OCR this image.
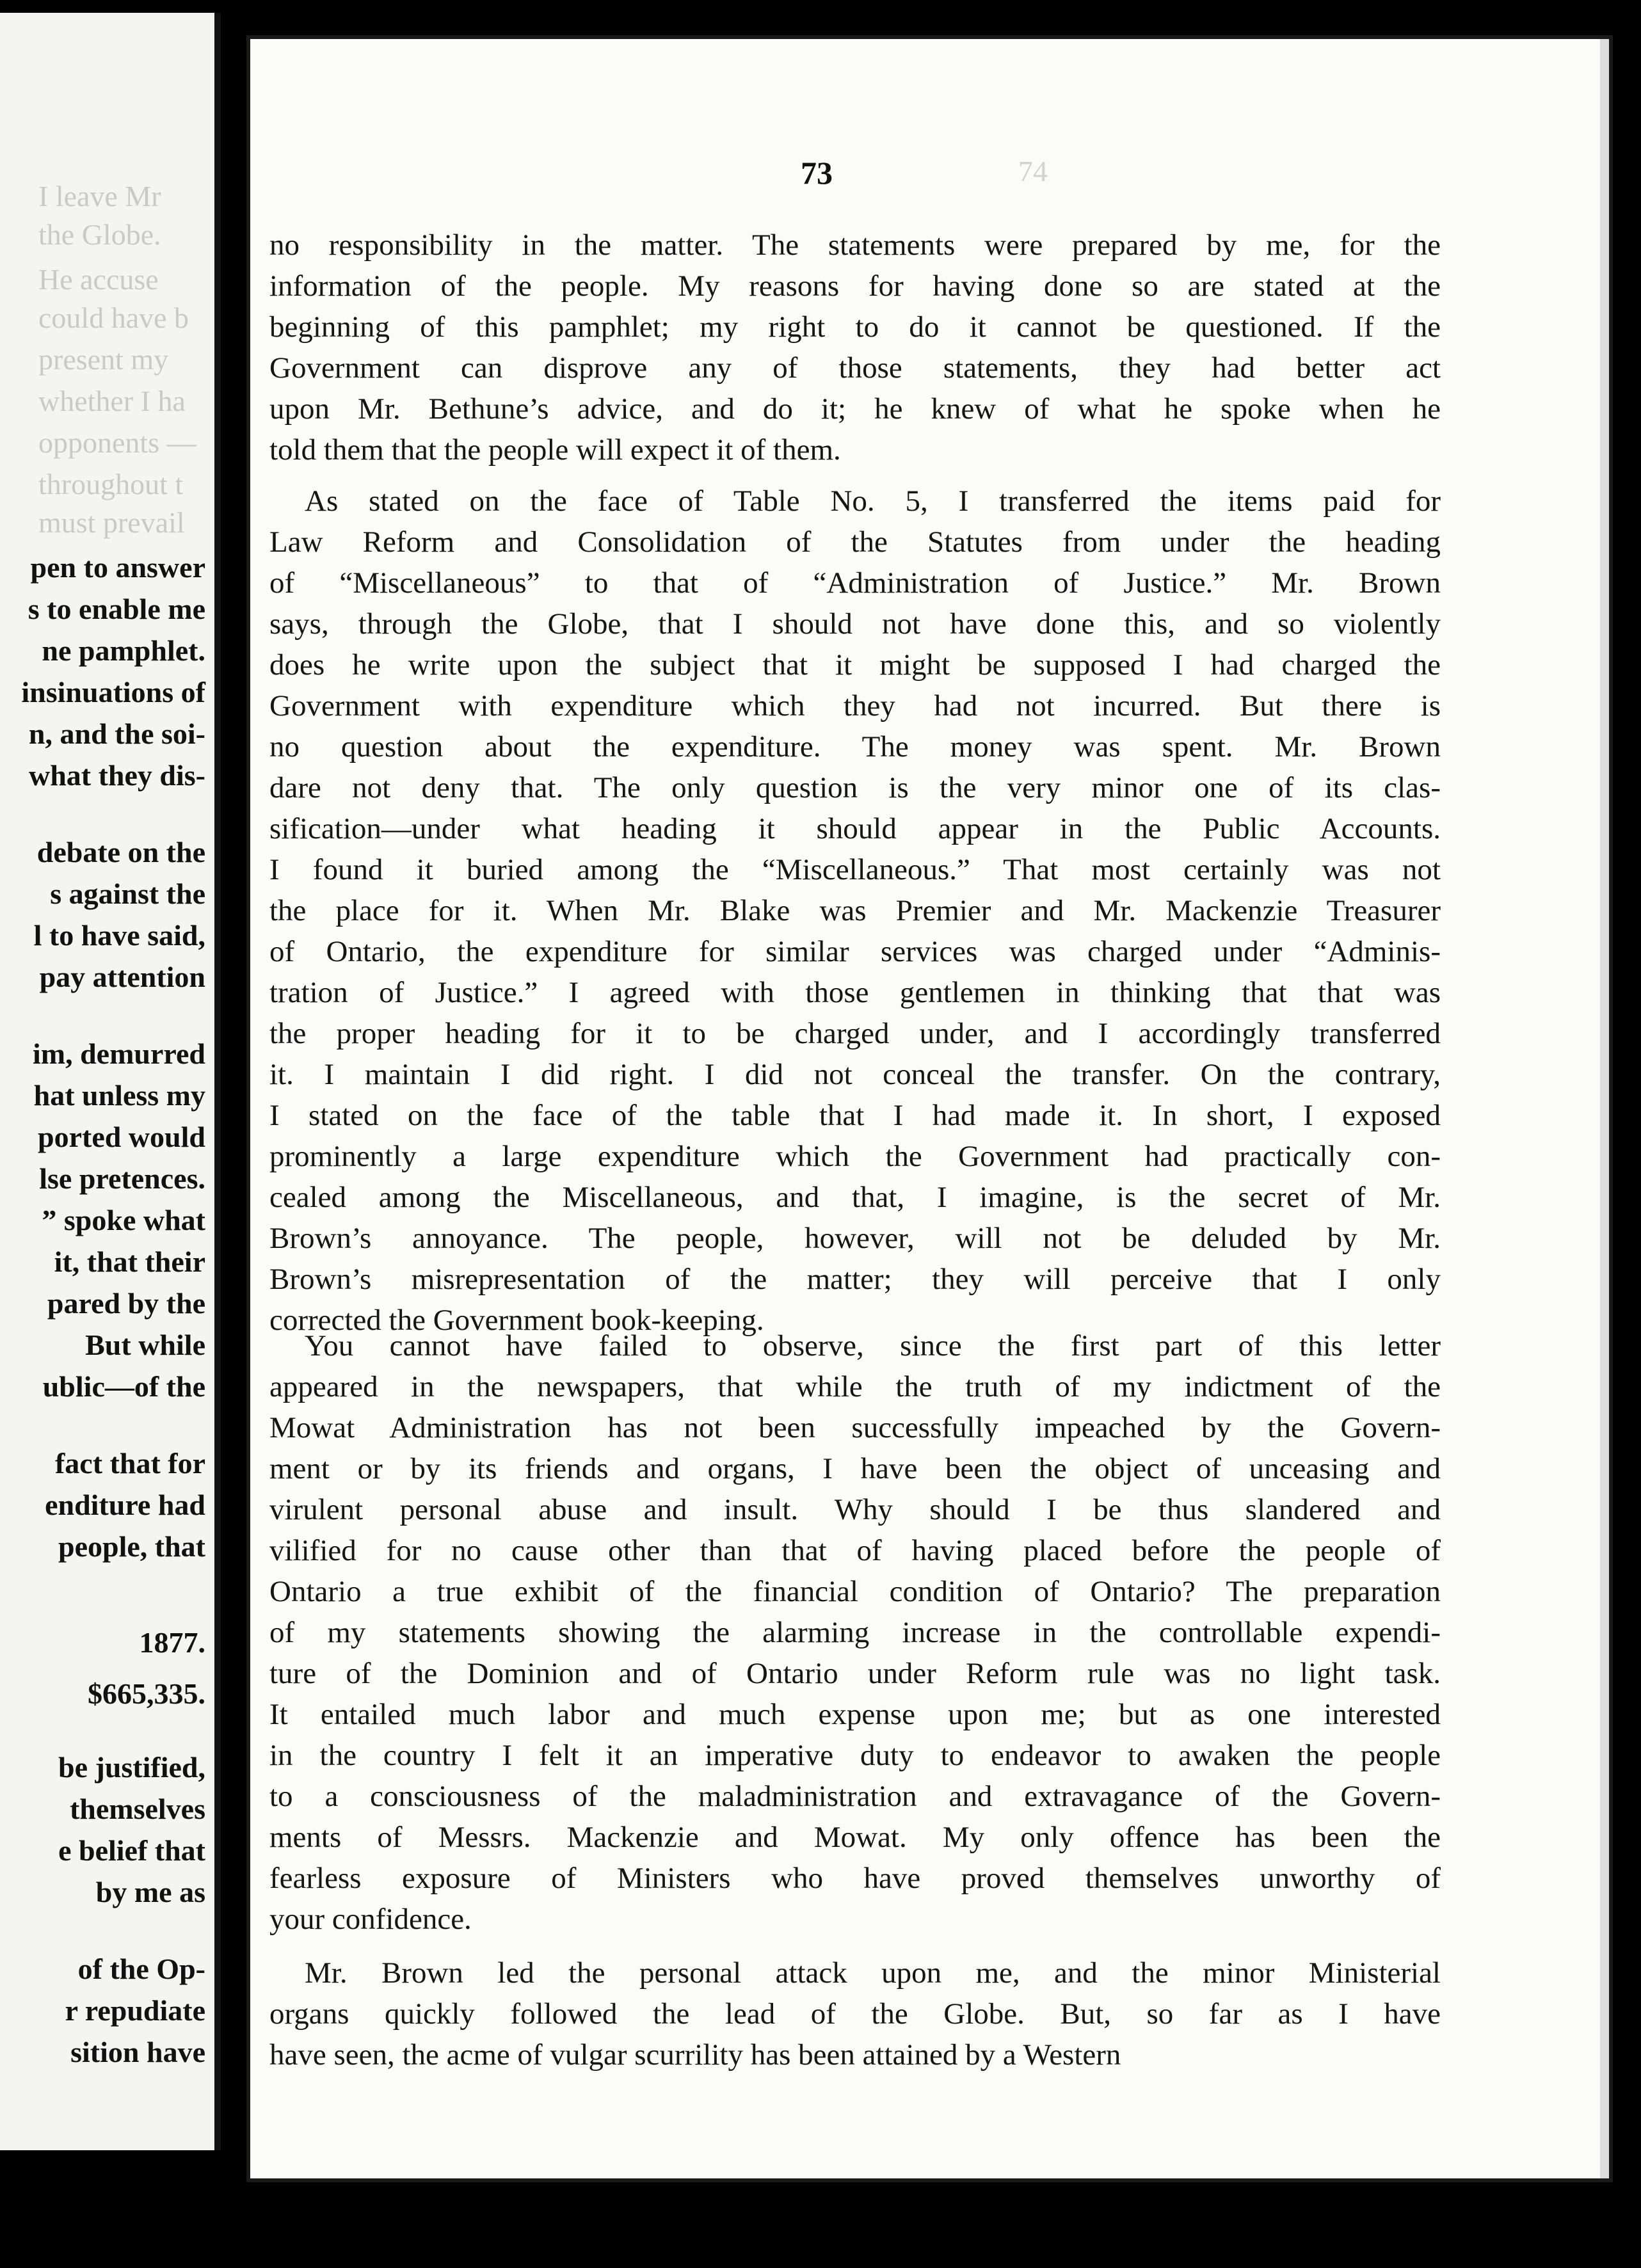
I leave Mr
the Globe.
He accuse
could have b
present my
whether I ha
opponents —
throughout t
must prevail
pen to answer
s to enable me
ne pamphlet.
insinuations of
n, and the soi-
what they dis-
debate on the
s against the
l to have said,
pay attention
im, demurred
hat unless my
ported would
lse pretences.
” spoke what
it, that their
pared by the
But while
ublic—of the
fact that for
enditure had
people, that
1877.
$665,335.
be justified,
themselves
e belief that
by me as
of the Op-
r repudiate
sition have
74
73
no responsibility in the matter. The statements were prepared by me, for the
information of the people. My reasons for having done so are stated at the
beginning of this pamphlet; my right to do it cannot be questioned. If the
Government can disprove any of those statements, they had better act
upon Mr. Bethune’s advice, and do it; he knew of what he spoke when he
told them that the people will expect it of them.
As stated on the face of Table No. 5, I transferred the items paid for
Law Reform and Consolidation of the Statutes from under the heading
of “Miscellaneous” to that of “Administration of Justice.” Mr. Brown
says, through the Globe, that I should not have done this, and so violently
does he write upon the subject that it might be supposed I had charged the
Government with expenditure which they had not incurred. But there is
no question about the expenditure. The money was spent. Mr. Brown
dare not deny that. The only question is the very minor one of its clas-
sification—under what heading it should appear in the Public Accounts.
I found it buried among the “Miscellaneous.” That most certainly was not
the place for it. When Mr. Blake was Premier and Mr. Mackenzie Treasurer
of Ontario, the expenditure for similar services was charged under “Adminis-
tration of Justice.” I agreed with those gentlemen in thinking that that was
the proper heading for it to be charged under, and I accordingly transferred
it. I maintain I did right. I did not conceal the transfer. On the contrary,
I stated on the face of the table that I had made it. In short, I exposed
prominently a large expenditure which the Government had practically con-
cealed among the Miscellaneous, and that, I imagine, is the secret of Mr.
Brown’s annoyance. The people, however, will not be deluded by Mr.
Brown’s misrepresentation of the matter; they will perceive that I only
corrected the Government book-keeping.
You cannot have failed to observe, since the first part of this letter
appeared in the newspapers, that while the truth of my indictment of the
Mowat Administration has not been successfully impeached by the Govern-
ment or by its friends and organs, I have been the object of unceasing and
virulent personal abuse and insult. Why should I be thus slandered and
vilified for no cause other than that of having placed before the people of
Ontario a true exhibit of the financial condition of Ontario? The preparation
of my statements showing the alarming increase in the controllable expendi-
ture of the Dominion and of Ontario under Reform rule was no light task.
It entailed much labor and much expense upon me; but as one interested
in the country I felt it an imperative duty to endeavor to awaken the people
to a consciousness of the maladministration and extravagance of the Govern-
ments of Messrs. Mackenzie and Mowat. My only offence has been the
fearless exposure of Ministers who have proved themselves unworthy of
your confidence.
Mr. Brown led the personal attack upon me, and the minor Ministerial
organs quickly followed the lead of the Globe. But, so far as I have
have seen, the acme of vulgar scurrility has been attained by a Western
